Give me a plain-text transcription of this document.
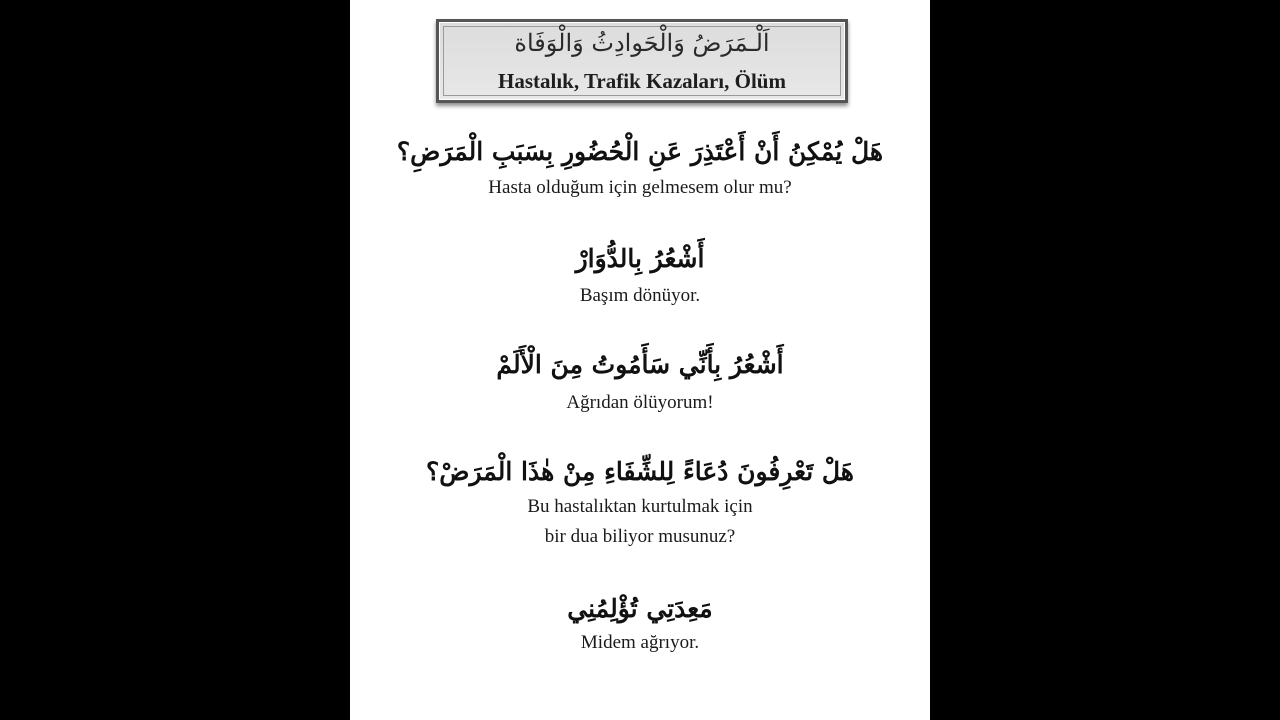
اَلْـمَرَضُ وَالْحَوادِثُ وَالْوَفَاة
Hastalık, Trafik Kazaları, Ölüm
هَلْ يُمْكِنُ أَنْ أَعْتَذِرَ عَنِ الْحُضُورِ بِسَبَبِ الْمَرَضِ؟
Hasta olduğum için gelmesem olur mu?
أَشْعُرُ بِالدُّوَارْ
Başım dönüyor.
أَشْعُرُ بِأَنِّي سَأَمُوتُ مِنَ الْأَلَمْ
Ağrıdan ölüyorum!
هَلْ تَعْرِفُونَ دُعَاءً لِلشِّفَاءِ مِنْ هٰذَا الْمَرَضْ؟
Bu hastalıktan kurtulmak için
bir dua biliyor musunuz?
مَعِدَتِي تُؤْلِمُنِي
Midem ağrıyor.
